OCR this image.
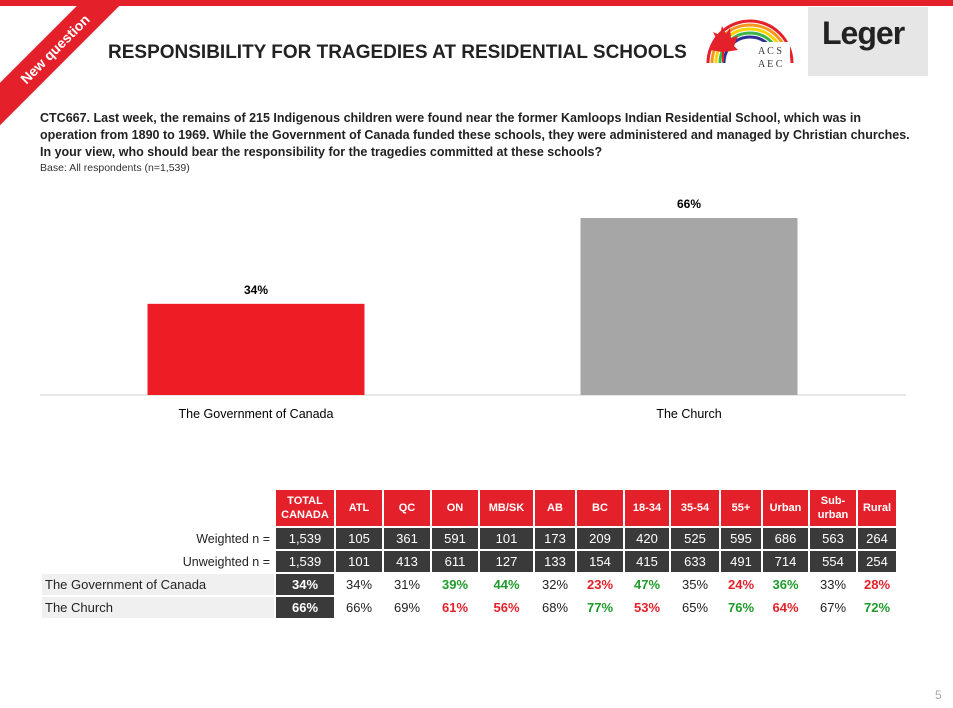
New question RESPONSIBILITY FOR TRAGEDIES AT RESIDENTIAL SCHOOLS	A C S
A E C
Leger
CTC667. Last week, the remains of 215 Indigenous children were found near the former Kamloops Indian Residential School, which was in operation from 1890 to 1969. While the Government of Canada funded these schools, they were administered and managed by Christian churches. In your view, who should bear the responsibility for the tragedies committed at these schools?
Base: All respondents (n=1,539)
34%
The Government of Canada
66%
The Church
	TOTAL CANADA	ATL	QC	ON	MB/SK	AB	BC	18-34	35-54	55+	Urban	Sub-urban	Rural
Weighted n =	1,539	105	361	591	101	173	209	420	525	595	686	563	264
Unweighted n =	1,539	101	413	611	127	133	154	415	633	491	714	554	254
The Government of Canada	34%	34%	31%	39%	44%	32%	23%	47%	35%	24%	36%	33%	28%
The Church	66%	66%	69%	61%	56%	68%	77%	53%	65%	76%	64%	67%	72%
5
